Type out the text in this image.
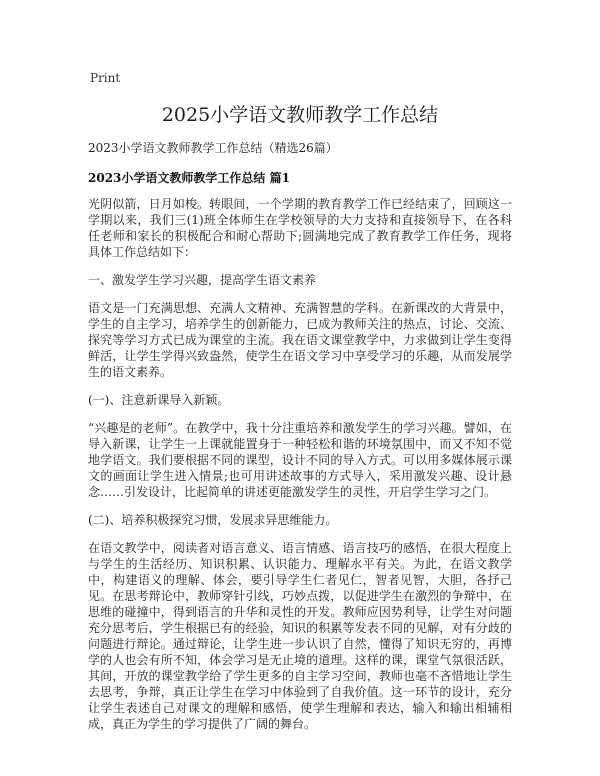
Print
2025小学语文教师教学工作总结
2023小学语文教师教学工作总结（精选26篇）
2023小学语文教师教学工作总结 篇1

光阴似箭，日月如梭。转眼间，一个学期的教育教学工作已经结束了，回顾这一学期以来，我们三(1)班全体师生在学校领导的大力支持和直接领导下，在各科任老师和家长的积极配合和耐心帮助下;圆满地完成了教育教学工作任务，现将具体工作总结如下：

一、激发学生学习兴趣，提高学生语文素养

语文是一门充满思想、充满人文精神、充满智慧的学科。在新课改的大背景中，学生的自主学习，培养学生的创新能力，已成为教师关注的热点，讨论、交流、探究等学习方式已成为课堂的主流。我在语文课堂教学中，力求做到让学生变得鲜活，让学生学得兴致盎然，使学生在语文学习中享受学习的乐趣，从而发展学生的语文素养。

(一)、注意新课导入新颖。

“兴趣是的老师”。在教学中，我十分注重培养和激发学生的学习兴趣。譬如，在导入新课，让学生一上课就能置身于一种轻松和谐的环境氛围中，而又不知不觉地学语文。我们要根据不同的课型，设计不同的导入方式。可以用多媒体展示课文的画面让学生进入情景;也可用讲述故事的方式导入，采用激发兴趣、设计悬念……引发设计，比起简单的讲述更能激发学生的灵性，开启学生学习之门。

(二)、培养积极探究习惯，发展求异思维能力。

在语文教学中，阅读者对语言意义、语言情感、语言技巧的感悟，在很大程度上与学生的生活经历、知识积累、认识能力、理解水平有关。为此，在语文教学中，构建语义的理解、体会，要引导学生仁者见仁，智者见智，大胆，各抒己见。在思考辩论中，教师穿针引线，巧妙点拨，以促进学生在激烈的争辩中，在思维的碰撞中，得到语言的升华和灵性的开发。教师应因势利导，让学生对问题充分思考后，学生根据已有的经验，知识的积累等发表不同的见解，对有分歧的问题进行辩论。通过辩论，让学生进一步认识了自然，懂得了知识无穷的，再博学的人也会有所不知，体会学习是无止境的道理。这样的课，课堂气氛很活跃，其间，开放的课堂教学给了学生更多的自主学习空间，教师也毫不吝惜地让学生去思考，争辩，真正让学生在学习中体验到了自我价值。这一环节的设计，充分让学生表述自己对课文的理解和感悟，使学生理解和表达，输入和输出相辅相成，真正为学生的学习提供了广阔的舞台。
